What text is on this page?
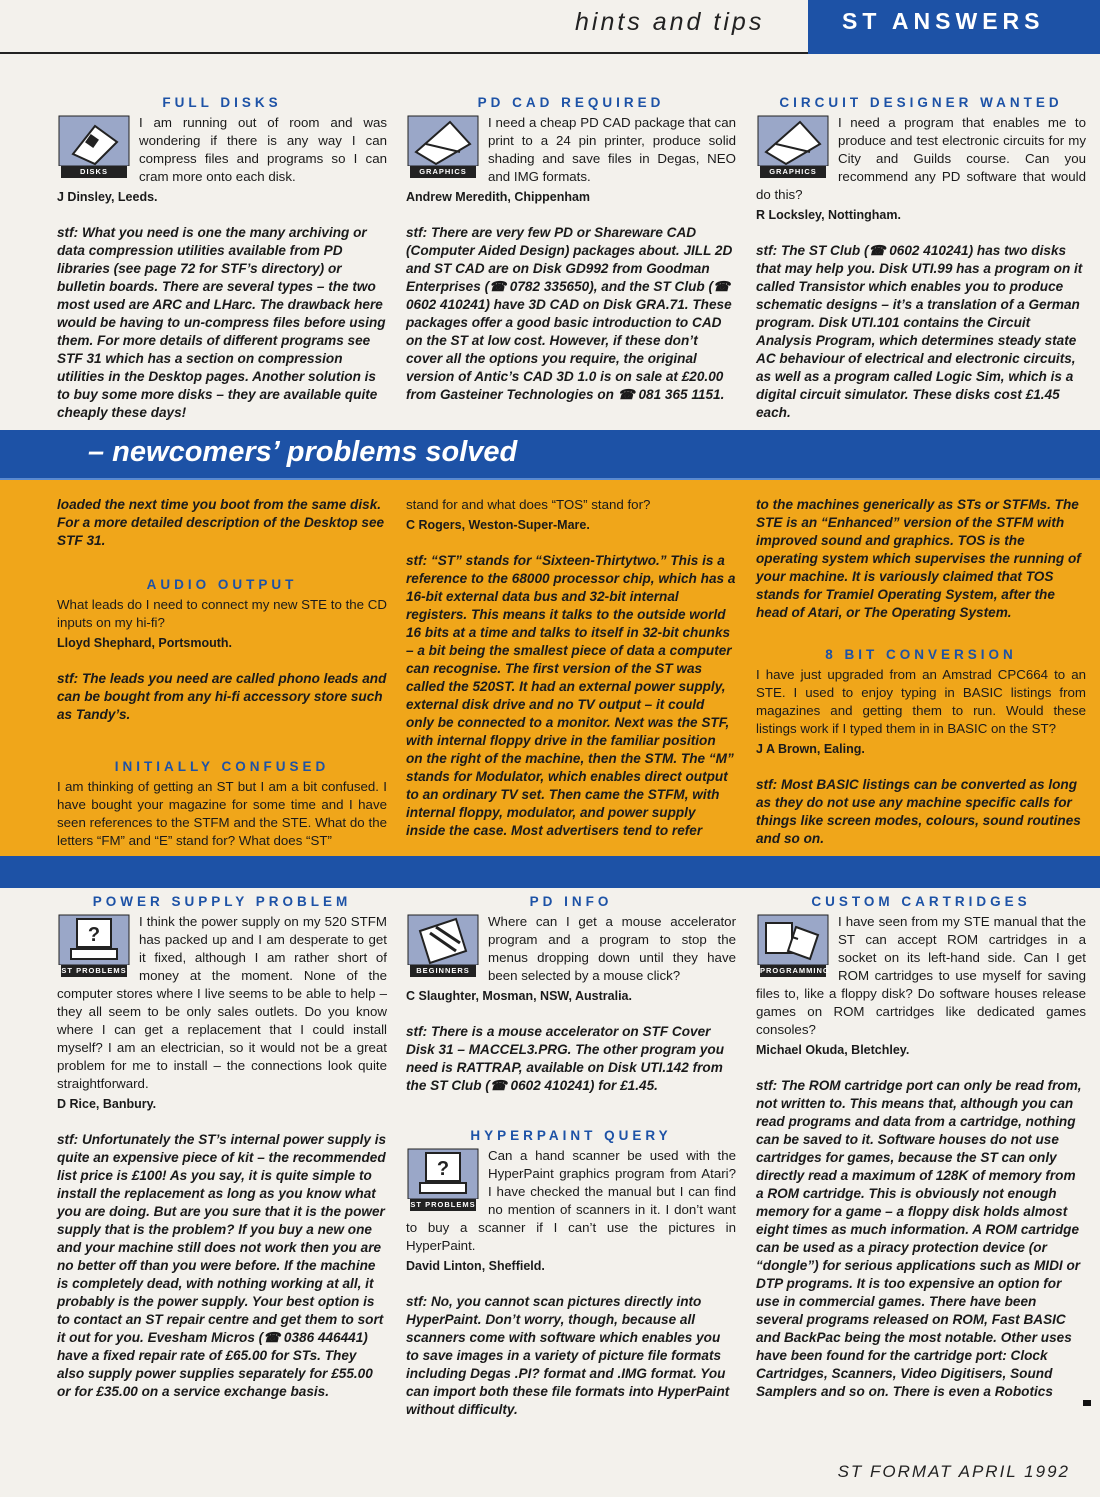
hints and tips	ST ANSWERS
FULL DISKS
DISKS
I am running out of room and was wondering if there is any way I can compress files and programs so I can cram more onto each disk.

J Dinsley, Leeds.

stf: What you need is one the many archiving or data compression utilities available from PD libraries (see page 72 for STF’s directory) or bulletin boards. There are several types – the two most used are ARC and LHarc. The drawback here would be having to un-compress files before using them. For more details of different programs see STF 31 which has a section on compression utilities in the Desktop pages. Another solution is to buy some more disks – they are available quite cheaply these days!

PD CAD REQUIRED
GRAPHICS
I need a cheap PD CAD package that can print to a 24 pin printer, produce solid shading and save files in Degas, NEO and IMG formats.

Andrew Meredith, Chippenham

stf: There are very few PD or Shareware CAD (Computer Aided Design) packages about. JILL 2D and ST CAD are on Disk GD992 from Goodman Enterprises (☎ 0782 335650), and the ST Club (☎ 0602 410241) have 3D CAD on Disk GRA.71. These packages offer a good basic introduction to CAD on the ST at low cost. However, if these don’t cover all the options you require, the original version of Antic’s CAD 3D 1.0 is on sale at £20.00 from Gasteiner Technologies on ☎ 081 365 1151.

CIRCUIT DESIGNER WANTED
GRAPHICS
I need a program that enables me to produce and test electronic circuits for my City and Guilds course. Can you recommend any PD software that would do this?

R Locksley, Nottingham.

stf: The ST Club (☎ 0602 410241) has two disks that may help you. Disk UTI.99 has a program on it called Transistor which enables you to produce schematic designs – it’s a translation of a German program. Disk UTI.101 contains the Circuit Analysis Program, which determines steady state AC behaviour of electrical and electronic circuits, as well as a program called Logic Sim, which is a digital circuit simulator. These disks cost £1.45 each.

– newcomers’ problems solved

loaded the next time you boot from the same disk. For a more detailed description of the Desktop see STF 31.

AUDIO OUTPUT
What leads do I need to connect my new STE to the CD inputs on my hi-fi?

Lloyd Shephard, Portsmouth.

stf: The leads you need are called phono leads and can be bought from any hi-fi accessory store such as Tandy’s.

INITIALLY CONFUSED
I am thinking of getting an ST but I am a bit confused. I have bought your magazine for some time and I have seen references to the STFM and the STE. What do the letters “FM” and “E” stand for? What does “ST”
stand for and what does “TOS” stand for?

C Rogers, Weston-Super-Mare.

stf: “ST” stands for “Sixteen-Thirtytwo.” This is a reference to the 68000 processor chip, which has a 16-bit external data bus and 32-bit internal registers. This means it talks to the outside world 16 bits at a time and talks to itself in 32-bit chunks – a bit being the smallest piece of data a computer can recognise. The first version of the ST was called the 520ST. It had an external power supply, external disk drive and no TV output – it could only be connected to a monitor. Next was the STF, with internal floppy drive in the familiar position on the right of the machine, then the STM. The “M” stands for Modulator, which enables direct output to an ordinary TV set. Then came the STFM, with internal floppy, modulator, and power supply inside the case. Most advertisers tend to refer

to the machines generically as STs or STFMs. The STE is an “Enhanced” version of the STFM with improved sound and graphics. TOS is the operating system which supervises the running of your machine. It is variously claimed that TOS stands for Tramiel Operating System, after the head of Atari, or The Operating System.

8 BIT CONVERSION
I have just upgraded from an Amstrad CPC664 to an STE. I used to enjoy typing in BASIC listings from magazines and getting them to run. Would these listings work if I typed them in in BASIC on the ST?

J A Brown, Ealing.

stf: Most BASIC listings can be converted as long as they do not use any machine specific calls for things like screen modes, colours, sound routines and so on.

POWER SUPPLY PROBLEM
?
ST PROBLEMS
I think the power supply on my 520 STFM has packed up and I am desperate to get it fixed, although I am rather short of money at the moment. None of the computer stores where I live seems to be able to help – they all seem to be only sales outlets. Do you know where I can get a replacement that I could install myself? I am an electrician, so it would not be a great problem for me to install – the connections look quite straightforward.

D Rice, Banbury.

stf: Unfortunately the ST’s internal power supply is quite an expensive piece of kit – the recommended list price is £100! As you say, it is quite simple to install the replacement as long as you know what you are doing. But are you sure that it is the power supply that is the problem? If you buy a new one and your machine still does not work then you are no better off than you were before. If the machine is completely dead, with nothing working at all, it probably is the power supply. Your best option is to contact an ST repair centre and get them to sort it out for you. Evesham Micros (☎ 0386 446441) have a fixed repair rate of £65.00 for STs. They also supply power supplies separately for £55.00 or for £35.00 on a service exchange basis.

PD INFO
BEGINNERS
Where can I get a mouse accelerator program and a program to stop the menus dropping down until they have been selected by a mouse click?

C Slaughter, Mosman, NSW, Australia.

stf: There is a mouse accelerator on STF Cover Disk 31 – MACCEL3.PRG. The other program you need is RATTRAP, available on Disk UTI.142 from the ST Club (☎ 0602 410241) for £1.45.

HYPERPAINT QUERY
?
ST PROBLEMS
Can a hand scanner be used with the HyperPaint graphics program from Atari? I have checked the manual but I can find no mention of scanners in it. I don’t want to buy a scanner if I can’t use the pictures in HyperPaint.

David Linton, Sheffield.

stf: No, you cannot scan pictures directly into HyperPaint. Don’t worry, though, because all scanners come with software which enables you to save images in a variety of picture file formats including Degas .PI? format and .IMG format. You can import both these file formats into HyperPaint without difficulty.

CUSTOM CARTRIDGES
PROGRAMMING
I have seen from my STE manual that the ST can accept ROM cartridges in a socket on its left-hand side. Can I get ROM cartridges to use myself for saving files to, like a floppy disk? Do software houses release games on ROM cartridges like dedicated games consoles?

Michael Okuda, Bletchley.

stf: The ROM cartridge port can only be read from, not written to. This means that, although you can read programs and data from a cartridge, nothing can be saved to it. Software houses do not use cartridges for games, because the ST can only directly read a maximum of 128K of memory from a ROM cartridge. This is obviously not enough memory for a game – a floppy disk holds almost eight times as much information. A ROM cartridge can be used as a piracy protection device (or “dongle”) for serious applications such as MIDI or DTP programs. It is too expensive an option for use in commercial games. There have been several programs released on ROM, Fast BASIC and BackPac being the most notable. Other uses have been found for the cartridge port: Clock Cartridges, Scanners, Video Digitisers, Sound Samplers and so on. There is even a Robotics

ST FORMAT APRIL 1992
